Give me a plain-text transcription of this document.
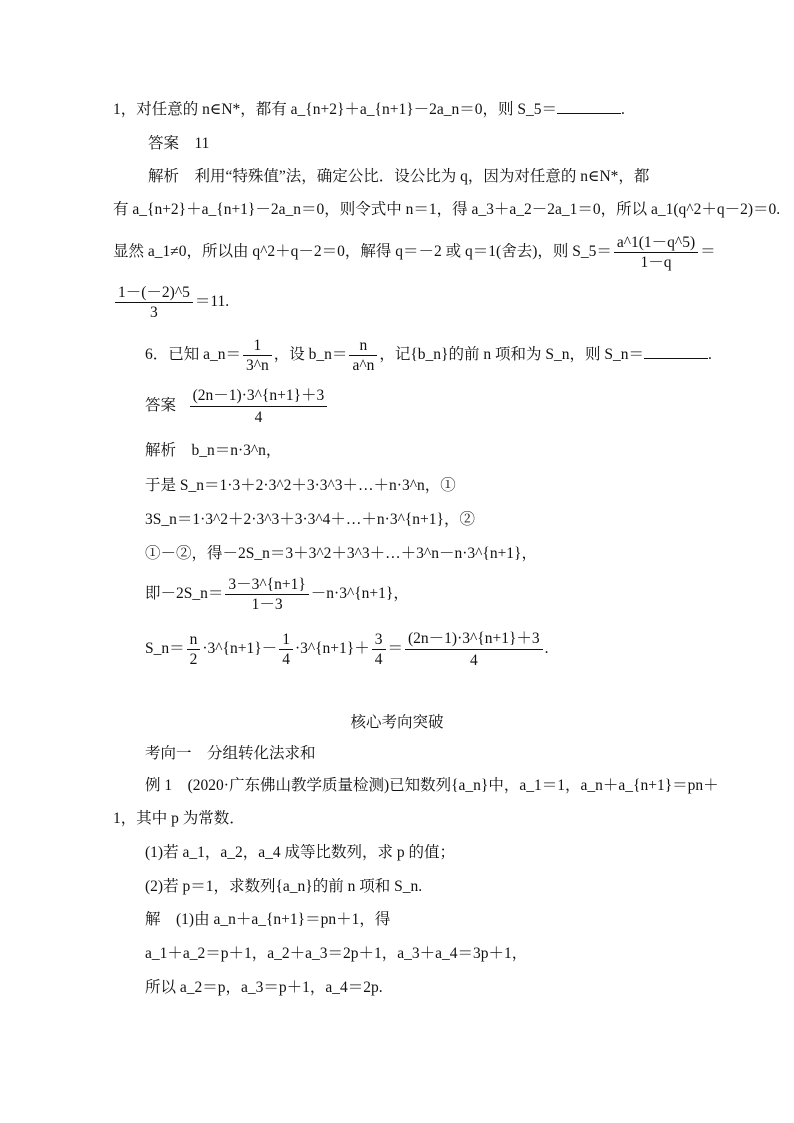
1，对任意的 n∈N*，都有 a_{n+2}＋a_{n+1}－2a_n＝0，则 S_5＝	.
答案　11
解析　利用“特殊值”法，确定公比．设公比为 q，因为对任意的 n∈N*，都
有 a_{n+2}＋a_{n+1}－2a_n＝0，则令式中 n＝1，得 a_3＋a_2－2a_1＝0，所以 a_1(q^2＋q－2)＝0.
显然 a_1≠0，所以由 q^2＋q－2＝0，解得 q＝－2 或 q＝1(舍去)，则 S_5＝ $\frac{a\^{}1(1-q\^{}5)}{1-q}$ ＝
$\frac{1-(-2)\^{}5}{3} =11$.
6．已知 a_n＝ $\frac{1}{3\^{}n}$ ，设 b_n＝ $\frac{n}{a\^{}n}$ ，记{b_n}的前 n 项和为 S_n，则 S_n＝	.
答案 $\frac{(2n-1)\cdot 3\^{}\{n+1\}+3}{4}$
解析　b_n＝n·3^n，
于是 S_n＝1·3＋2·3^2＋3·3^3＋…＋n·3^n，①
3S_n＝1·3^2＋2·3^3＋3·3^4＋…＋n·3^{n+1}，②
①－②，得－2S_n＝3＋3^2＋3^3＋…＋3^n－n·3^{n+1}，
即－2S_n＝ $\frac{3-3\^{}\{n+1\}}{1-3}$ －n·3^{n+1}，
S_n＝ $\frac{n}{2}$ ·3^{n+1}－ $\frac{1}{4}$ ·3^{n+1}＋ $\frac{3}{4} = \frac{(2n-1)\cdot 3\^{}\{n+1\}+3}{4}$ .
核心考向突破
考向一　分组转化法求和
例 1　(2020·广东佛山教学质量检测)已知数列{a_n}中，a_1＝1，a_n＋a_{n+1}＝pn＋
1，其中 p 为常数．
(1)若 a_1，a_2，a_4 成等比数列，求 p 的值；
(2)若 p＝1，求数列{a_n}的前 n 项和 S_n.
解　(1)由 a_n＋a_{n+1}＝pn＋1，得
a_1＋a_2＝p＋1，a_2＋a_3＝2p＋1，a_3＋a_4＝3p＋1，
所以 a_2＝p，a_3＝p＋1，a_4＝2p.
